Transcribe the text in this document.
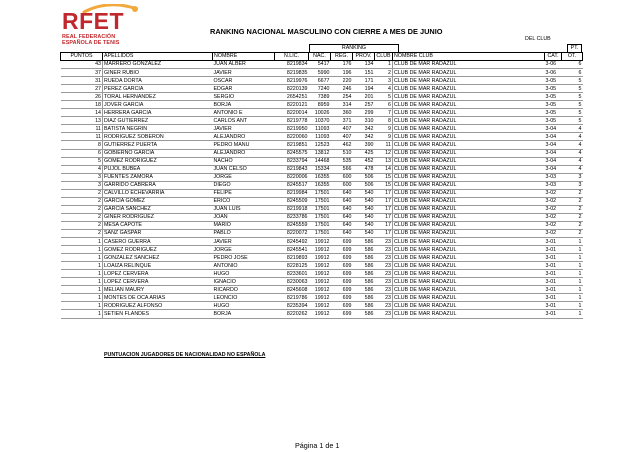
RFET
REAL FEDERACIÓN
ESPAÑOLA DE TENIS
RANKING NACIONAL MASCULINO CON CIERRE A MES DE JUNIO
DEL CLUB
RANKING	PT.
PUNTOS	APELLIDOS	NOMBRE	N.LIC.	NAC.	REG.	PROV.	CLUB	NOMBRE CLUB	CAT.	OT.
43	MARRERO GONZALEZ	JUAN ALBER	8219834	5417	176	134	1	CLUB DE MAR RADAZUL	3-06	6
37	GINER RUBIO	JAVIER	8219835	5990	196	151	2	CLUB DE MAR RADAZUL	3-06	6
31	RUEDA DORTA	OSCAR	8219976	6677	220	171	3	CLUB DE MAR RADAZUL	3-05	5
27	PEREZ GARCIA	EDGAR	8220139	7240	246	194	4	CLUB DE MAR RADAZUL	3-05	5
26	TORAL HERNANDEZ	SERGIO	2654251	7389	254	201	5	CLUB DE MAR RADAZUL	3-05	5
18	JOVER GARCIA	BORJA	8220121	8959	314	257	6	CLUB DE MAR RADAZUL	3-05	5
14	HERRERA GARCIA	ANTONIO E	8220014	10026	360	299	7	CLUB DE MAR RADAZUL	3-05	5
13	DIAZ GUTIERREZ	CARLOS ANT	8219778	10370	371	310	8	CLUB DE MAR RADAZUL	3-05	5
11	BATISTA NEGRIN	JAVIER	8219950	11093	407	342	9	CLUB DE MAR RADAZUL	3-04	4
11	RODRIGUEZ SOBERON	ALEJANDRO	8220060	11093	407	342	9	CLUB DE MAR RADAZUL	3-04	4
8	GUTIERREZ PUERTA	PEDRO MANU	8219851	12523	462	390	11	CLUB DE MAR RADAZUL	3-04	4
6	GOBIERNO GARCIA	ALEJANDRO	8245575	13812	510	425	12	CLUB DE MAR RADAZUL	3-04	4
5	GOMEZ RODRIGUEZ	NACHO	8233794	14468	535	452	13	CLUB DE MAR RADAZUL	3-04	4
4	PUJOL BUBEA	JUAN CELSO	8219843	15334	566	478	14	CLUB DE MAR RADAZUL	3-04	4
3	FUENTES ZAMORA	JORGE	8220006	16355	600	506	15	CLUB DE MAR RADAZUL	3-03	3
3	GARRIDO CABRERA	DIEGO	8245517	16355	600	506	15	CLUB DE MAR RADAZUL	3-03	3
2	CALVILLO ECHEVARRIA	FELIPE	8219984	17501	640	540	17	CLUB DE MAR RADAZUL	3-02	2
2	GARCIA GOMEZ	ERICO	8245509	17501	640	540	17	CLUB DE MAR RADAZUL	3-02	2
2	GARCIA SANCHEZ	JUAN LUIS	8219918	17501	640	540	17	CLUB DE MAR RADAZUL	3-02	2
2	GINER RODRIGUEZ	JOAN	8233786	17501	640	540	17	CLUB DE MAR RADAZUL	3-02	2
2	MESA CAPOTE	MARIO	8245559	17501	640	540	17	CLUB DE MAR RADAZUL	3-02	2
2	SANZ GASPAR	PABLO	8220072	17501	640	540	17	CLUB DE MAR RADAZUL	3-02	2
1	CASERO GUERRA	JAVIER	8245492	19912	699	586	23	CLUB DE MAR RADAZUL	3-01	1
1	GOMEZ RODRIGUEZ	JORGE	8245541	19912	699	586	23	CLUB DE MAR RADAZUL	3-01	1
1	GONZALEZ SANCHEZ	PEDRO JOSE	8219893	19912	699	586	23	CLUB DE MAR RADAZUL	3-01	1
1	LOAIZA RELINQUE	ANTONIO	8228125	19912	699	586	23	CLUB DE MAR RADAZUL	3-01	1
1	LOPEZ CERVERA	HUGO	8233601	19912	699	586	23	CLUB DE MAR RADAZUL	3-01	1
1	LOPEZ CERVERA	IGNACIO	8230063	19912	699	586	23	CLUB DE MAR RADAZUL	3-01	1
1	MELIAN MAURY	RICARDO	8245608	19912	699	586	23	CLUB DE MAR RADAZUL	3-01	1
1	MONTES DE OCA ARIAS	LEONCIO	8219786	19912	699	586	23	CLUB DE MAR RADAZUL	3-01	1
1	RODRIGUEZ ALFONSO	HUGO	8235394	19912	699	586	23	CLUB DE MAR RADAZUL	3-01	1
1	SETIEN FLANDES	BORJA	8220262	19912	699	586	23	CLUB DE MAR RADAZUL	3-01	1
PUNTUACION JUGADORES DE NACIONALIDAD NO ESPAÑOLA
Página 1 de 1
